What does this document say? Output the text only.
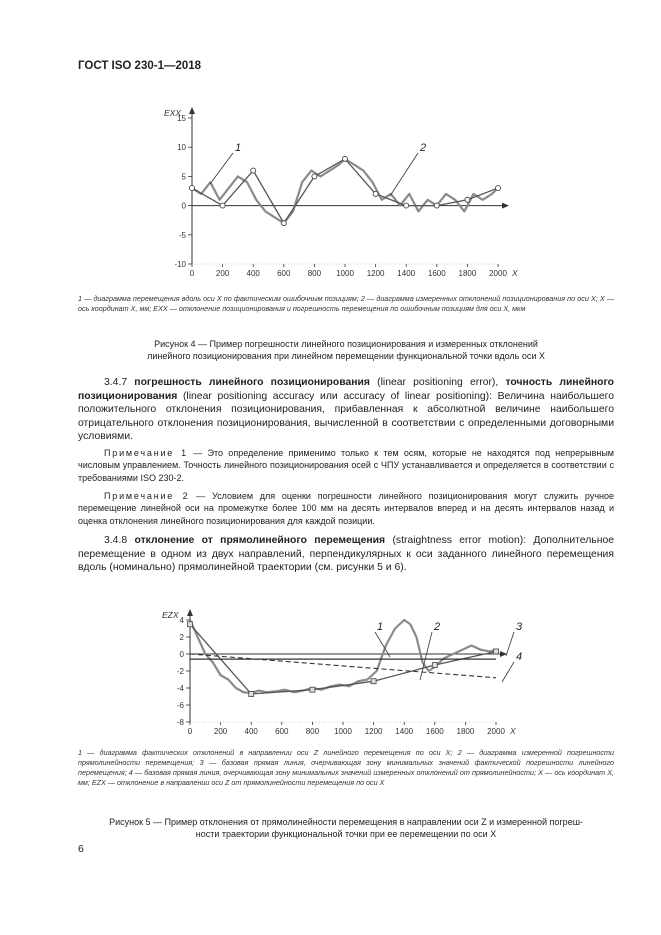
ГОСТ ISO 230-1—2018
-10
-5
0
5
10
15
0	200 400 600 800 1000 1200 1400 1600 1800 2000 X
EXX
1	2
1 — диаграмма перемещения вдоль оси X по фактическим ошибочным позициям; 2 — диаграмма измеренных отклонений позиционирования по оси X; X — ось координат X, мм; EXX — отклонение позиционирования и погрешность перемещения по ошибочным позициям для оси X, мкм
Рисунок 4 — Пример погрешности линейного позиционирования и измеренных отклонений
линейного позиционирования при линейном перемещении функциональной точки вдоль оси X
3.4.7 погрешность линейного позиционирования (linear positioning error), точность линейного позиционирования (linear positioning accuracy или accuracy of linear positioning): Величина наибольшего положительного отклонения позиционирования, прибавленная к абсолютной величине наибольшего отрицательного отклонения позиционирования, вычисленной в соответствии с определенными договорными условиями.
Примечание 1 — Это определение применимо только к тем осям, которые не находятся под непрерывным числовым управлением. Точность линейного позиционирования осей с ЧПУ устанавливается и определяется в соответствии с требованиями ISO 230-2.
Примечание 2 — Условием для оценки погрешности линейного позиционирования могут служить ручное перемещение линейной оси на промежутке более 100 мм на десять интервалов вперед и на десять интервалов назад и оценка отклонения линейного позиционирования для каждой позиции.
3.4.8 отклонение от прямолинейного перемещения (straightness error motion): Дополнительное перемещение в одном из двух направлений, перпендикулярных к оси заданного линейного перемещения вдоль (номинально) прямолинейной траектории (см. рисунки 5 и 6).
-8
-6
-4
-2
0
2
4
0	200 400 600 800 1000 1200 1400 1600 1800 2000 X
EZX
1	2	3
4
1 — диаграмма фактических отклонений в направлении оси Z линейного перемещения по оси X; 2 — диаграмма измеренной погрешности прямолинейности перемещения; 3 — базовая прямая линия, очерчивающая зону минимальных значений фактической погрешности линейного перемещения; 4 — базовая прямая линия, очерчивающая зону минимальных значений измеренных отклонений от прямолинейности; X — ось координат X, мм; EZX — отклонение в направлении оси Z от прямолинейности перемещения по оси X
Рисунок 5 — Пример отклонения от прямолинейности перемещения в направлении оси Z и измеренной погреш-
ности траектории функциональной точки при ее перемещении по оси X
6
